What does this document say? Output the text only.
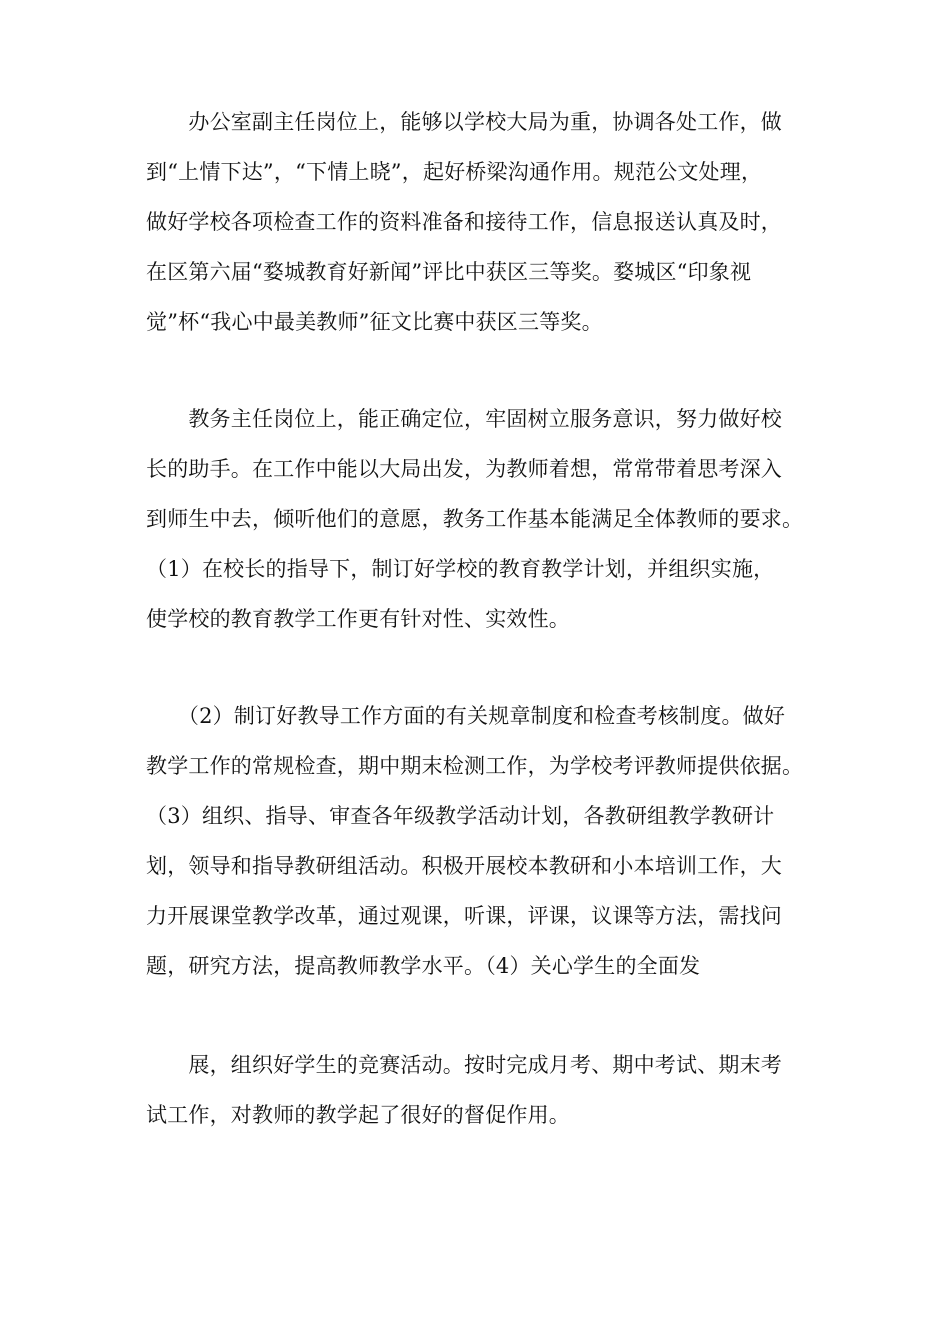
　　办公室副主任岗位上，能够以学校大局为重，协调各处工作，做
到“上情下达”，“下情上晓”，起好桥梁沟通作用。规范公文处理，
做好学校各项检查工作的资料准备和接待工作，信息报送认真及时，
在区第六届“婺城教育好新闻”评比中获区三等奖。婺城区“印象视
觉”杯“我心中最美教师”征文比赛中获区三等奖。
　　教务主任岗位上，能正确定位，牢固树立服务意识，努力做好校
长的助手。在工作中能以大局出发，为教师着想，常常带着思考深入
到师生中去，倾听他们的意愿，教务工作基本能满足全体教师的要求。
（1）在校长的指导下，制订好学校的教育教学计划，并组织实施，
使学校的教育教学工作更有针对性、实效性。
　　（2）制订好教导工作方面的有关规章制度和检查考核制度。做好
教学工作的常规检查，期中期末检测工作，为学校考评教师提供依据。
（3）组织、指导、审查各年级教学活动计划，各教研组教学教研计
划，领导和指导教研组活动。积极开展校本教研和小本培训工作，大
力开展课堂教学改革，通过观课，听课，评课，议课等方法，需找问
题，研究方法，提高教师教学水平。（4）关心学生的全面发
　　展，组织好学生的竞赛活动。按时完成月考、期中考试、期末考
试工作，对教师的教学起了很好的督促作用。
